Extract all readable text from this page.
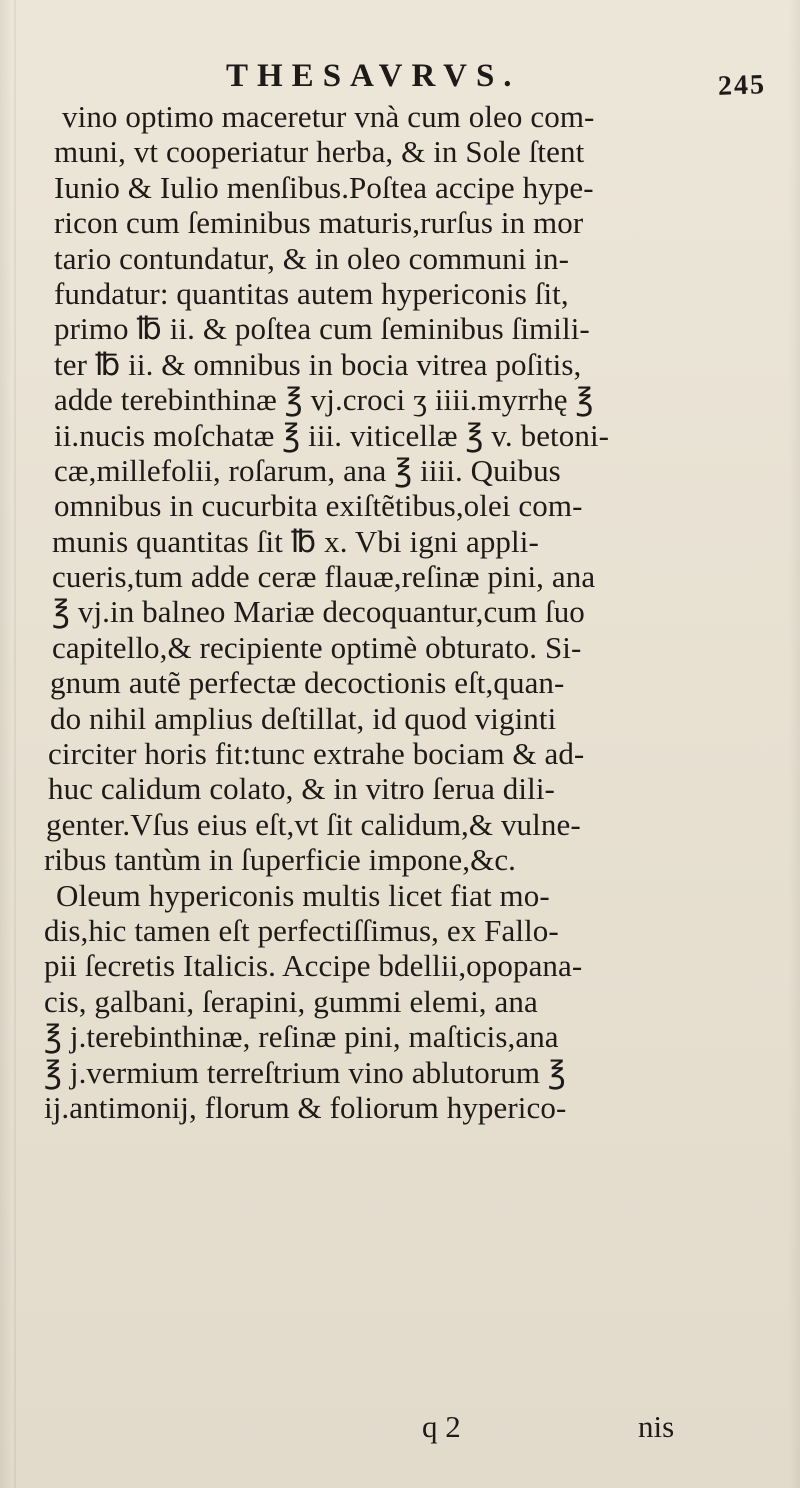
THESAVRVS.	245
vino optimo maceretur vnà cum oleo com-
muni, vt cooperiatur herba, & in Sole ſtent
Iunio & Iulio menſibus.Poſtea accipe hype-
ricon cum ſeminibus maturis,rurſus in mor
tario contundatur, & in oleo communi in-
fundatur: quantitas autem hypericonis ſit,
primo ℔ ii. & poſtea cum ſeminibus ſimili-
ter ℔ ii. & omnibus in bocia vitrea poſitis,
adde terebinthinæ ℥ vj.croci ʒ iiii.myrrhę ℥
ii.nucis moſchatæ ℥ iii. viticellæ ℥ v. betoni-
cæ,millefolii, roſarum, ana ℥ iiii. Quibus
omnibus in cucurbita exiſtẽtibus,olei com-
munis quantitas ſit ℔ x. Vbi igni appli-
cueris,tum adde ceræ flauæ,reſinæ pini, ana
℥ vj.in balneo Mariæ decoquantur,cum ſuo
capitello,& recipiente optimè obturato. Si-
gnum autẽ perfectæ decoctionis eſt,quan-
do nihil amplius deſtillat, id quod viginti
circiter horis fit:tunc extrahe bociam & ad-
huc calidum colato, & in vitro ſerua dili-
genter.Vſus eius eſt,vt ſit calidum,& vulne-
ribus tantùm in ſuperficie impone,&c.
Oleum hypericonis multis licet fiat mo-
dis,hic tamen eſt perfectiſſimus, ex Fallo-
pii ſecretis Italicis. Accipe bdellii,opopana-
cis, galbani, ſerapini, gummi elemi, ana
℥ j.terebinthinæ, reſinæ pini, maſticis,ana
℥ j.vermium terreſtrium vino ablutorum ℥
ij.antimonij, florum & foliorum hyperico-
q 2	nis
